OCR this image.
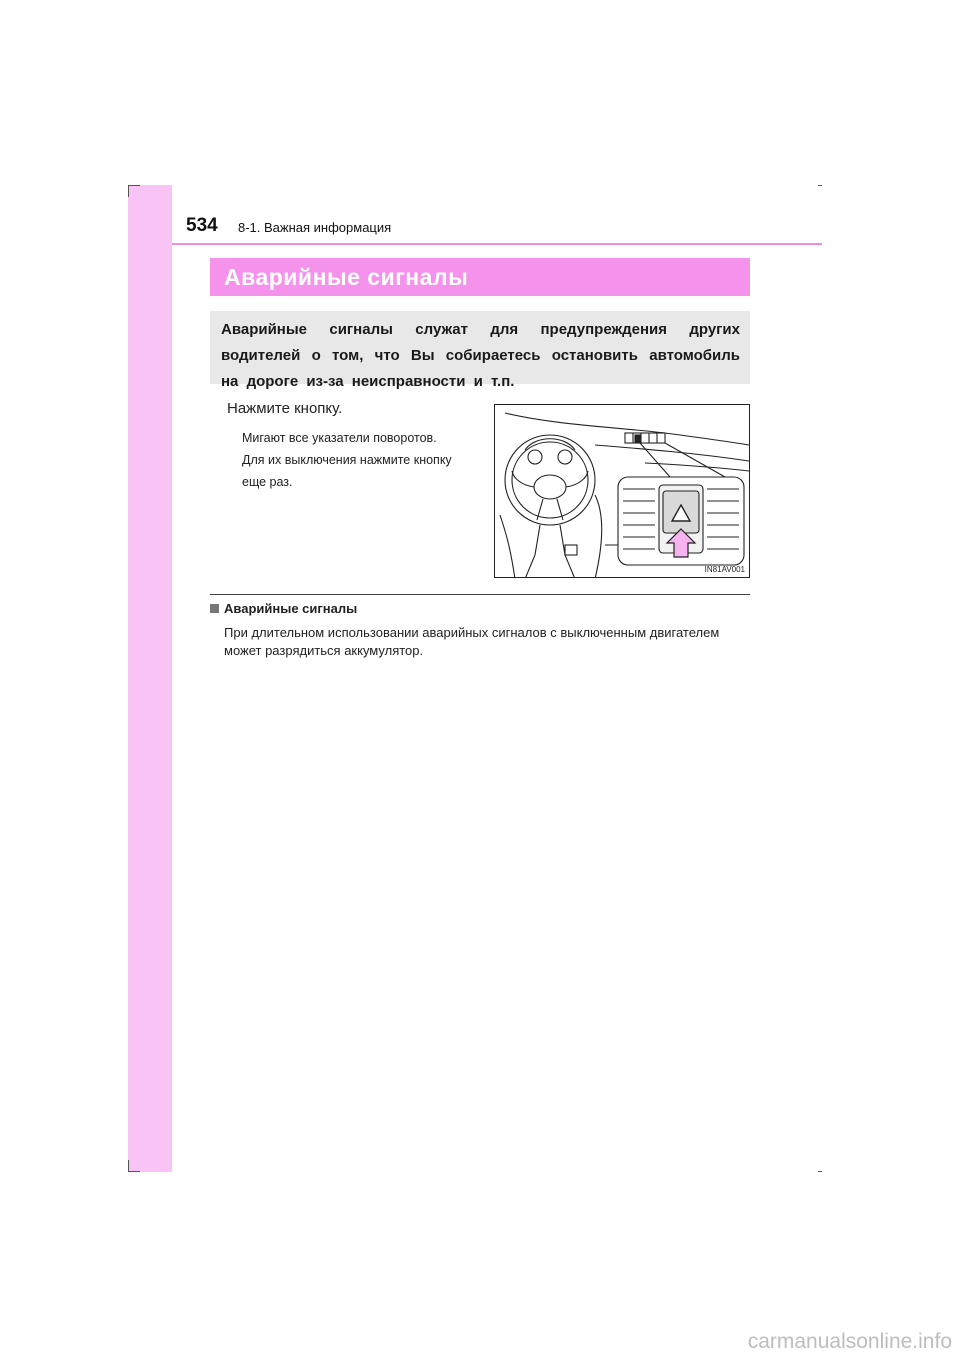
534 8-1. Важная информация
Аварийные сигналы
Аварийные сигналы служат для предупреждения других водителей о том, что Вы собираетесь остановить автомобиль на дороге из-за неисправности и т.п.
Нажмите кнопку.
Мигают все указатели поворотов.
Для их выключения нажмите кнопку
еще раз.
IN81AV001
Аварийные сигналы
При длительном использовании аварийных сигналов с выключенным двигателем может разрядиться аккумулятор.
carmanualsonline.info
